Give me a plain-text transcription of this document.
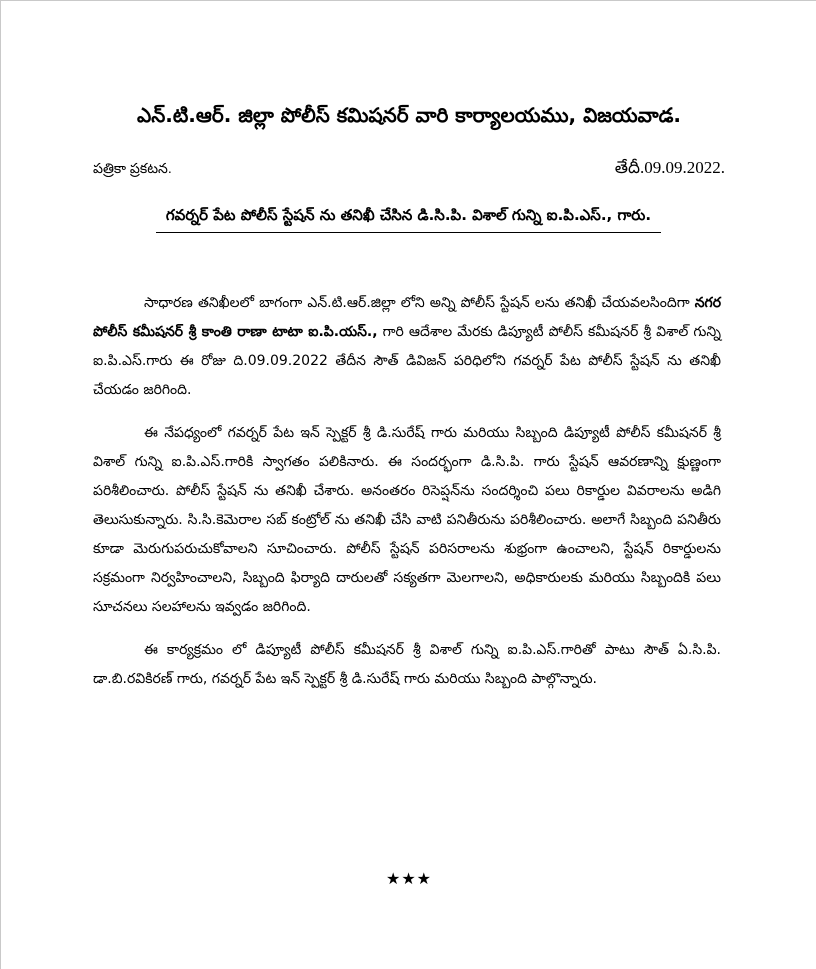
ఎన్.టి.ఆర్. జిల్లా పోలీస్ కమిషనర్ వారి కార్యాలయము, విజయవాడ.
పత్రికా ప్రకటన.	తేదీ.09.09.2022.
గవర్నర్ పేట పోలీస్ స్టేషన్ ను తనిఖీ చేసిన డి.సి.పి. విశాల్ గున్ని ఐ.పి.ఎస్., గారు.

సాధారణ తనిఖీలలో బాగంగా ఎన్.టి.ఆర్.జిల్లా లోని అన్ని పోలీస్ స్టేషన్ లను తనిఖీ చేయవలసిందిగా నగర పోలీస్ కమీషనర్ శ్రీ కాంతి రాణా టాటా ఐ.పి.యస్., గారి ఆదేశాల మేరకు డిప్యూటీ పోలీస్ కమీషనర్ శ్రీ విశాల్ గున్ని ఐ.పి.ఎస్.గారు ఈ రోజు ది.09.09.2022 తేదీన సౌత్ డివిజన్ పరిధిలోని గవర్నర్ పేట పోలీస్ స్టేషన్ ను తనిఖీ చేయడం జరిగింది.

ఈ నేపధ్యంలో గవర్నర్ పేట ఇన్ స్పెక్టర్ శ్రీ డి.సురేష్ గారు మరియు సిబ్బంది డిప్యూటీ పోలీస్ కమీషనర్ శ్రీ విశాల్ గున్ని ఐ.పి.ఎస్.గారికి స్వాగతం పలికినారు. ఈ సందర్భంగా డి.సి.పి. గారు స్టేషన్ ఆవరణాన్ని క్షుణ్ణంగా పరిశీలించారు. పోలీస్ స్టేషన్ ను తనిఖీ చేశారు. అనంతరం రిసెప్షన్‌ను సందర్శించి పలు రికార్డుల వివరాలను అడిగి తెలుసుకున్నారు. సి.సి.కెమెరాల సబ్ కంట్రోల్ ను తనిఖీ చేసి వాటి పనితీరును పరిశీలించారు. అలాగే సిబ్బంది పనితీరు కూడా మెరుగుపరుచుకోవాలని సూచించారు. పోలీస్ స్టేషన్ పరిసరాలను శుభ్రంగా ఉంచాలని, స్టేషన్ రికార్డులను సక్రమంగా నిర్వహించాలని, సిబ్బంది ఫిర్యాది దారులతో సక్యతగా మెలగాలని, అధికారులకు మరియు సిబ్బందికి పలు సూచనలు సలహాలను ఇవ్వడం జరిగింది.

ఈ కార్యక్రమం లో డిప్యూటీ పోలీస్ కమీషనర్ శ్రీ విశాల్ గున్ని ఐ.పి.ఎస్.గారితో పాటు సౌత్ ఏ.సి.పి. డా.బి.రవికిరణ్ గారు, గవర్నర్ పేట ఇన్ స్పెక్టర్ శ్రీ డి.సురేష్ గారు మరియు సిబ్బంది పాల్గొన్నారు.

★★★
